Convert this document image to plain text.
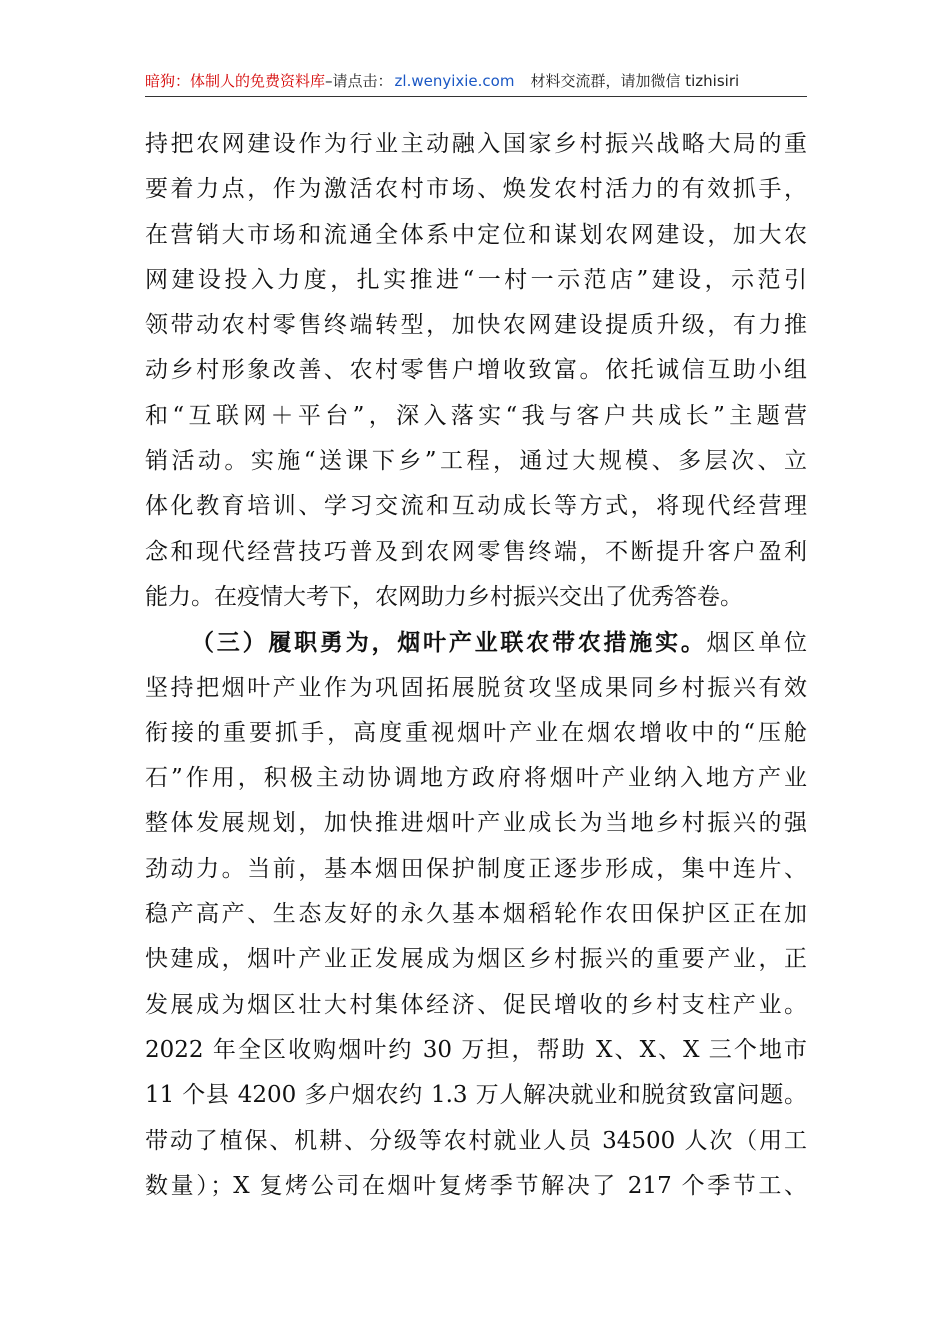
暗狗：体制人的免费资料库–请点击： zl.wenyixie.com 材料交流群，请加微信 tizhisiri
持把农网建设作为行业主动融入国家乡村振兴战略大局的重
要着力点，作为激活农村市场、焕发农村活力的有效抓手，
在营销大市场和流通全体系中定位和谋划农网建设，加大农
网建设投入力度，扎实推进“一村一示范店”建设，示范引
领带动农村零售终端转型，加快农网建设提质升级，有力推
动乡村形象改善、农村零售户增收致富。依托诚信互助小组
和“互联网＋平台”，深入落实“我与客户共成长”主题营
销活动。实施“送课下乡”工程，通过大规模、多层次、立
体化教育培训、学习交流和互动成长等方式，将现代经营理
念和现代经营技巧普及到农网零售终端，不断提升客户盈利
能力。在疫情大考下，农网助力乡村振兴交出了优秀答卷。
（三）履职勇为，烟叶产业联农带农措施实。烟区单位
坚持把烟叶产业作为巩固拓展脱贫攻坚成果同乡村振兴有效
衔接的重要抓手，高度重视烟叶产业在烟农增收中的“压舱
石”作用，积极主动协调地方政府将烟叶产业纳入地方产业
整体发展规划，加快推进烟叶产业成长为当地乡村振兴的强
劲动力。当前，基本烟田保护制度正逐步形成，集中连片、
稳产高产、生态友好的永久基本烟稻轮作农田保护区正在加
快建成，烟叶产业正发展成为烟区乡村振兴的重要产业，正
发展成为烟区壮大村集体经济、促民增收的乡村支柱产业。
2022 年全区收购烟叶约 30 万担，帮助 X、X、X 三个地市
11 个县 4200 多户烟农约 1.3 万人解决就业和脱贫致富问题。
带动了植保、机耕、分级等农村就业人员 34500 人次（用工
数量）；X 复烤公司在烟叶复烤季节解决了 217 个季节工、
